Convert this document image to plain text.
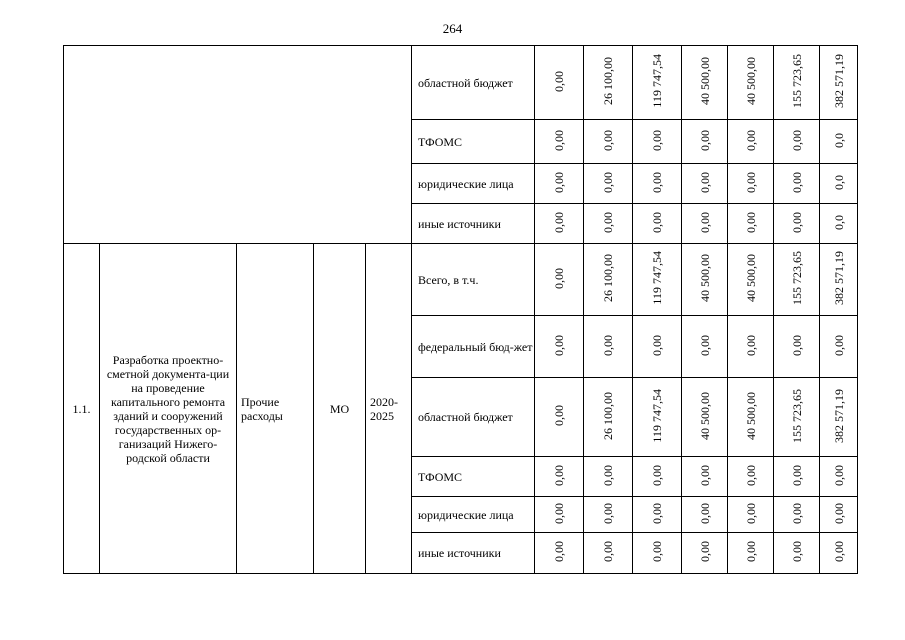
264
					областной бюджет	0,00	26 100,00	119 747,54	40 500,00	40 500,00	155 723,65	382 571,19
					ТФОМС	0,00	0,00	0,00	0,00	0,00	0,00	0,0
					юридические лица	0,00	0,00	0,00	0,00	0,00	0,00	0,0
					иные источники	0,00	0,00	0,00	0,00	0,00	0,00	0,0
1.1.	Разработка проектно-сметной документа-ции на проведение капитального ремонта зданий и сооружений государственных ор-ганизаций Нижего-родской области	Прочие расходы	МО	2020-2025	Всего, в т.ч.	0,00	26 100,00	119 747,54	40 500,00	40 500,00	155 723,65	382 571,19
					федеральный бюд-жет	0,00	0,00	0,00	0,00	0,00	0,00	0,00
					областной бюджет	0,00	26 100,00	119 747,54	40 500,00	40 500,00	155 723,65	382 571,19
					ТФОМС	0,00	0,00	0,00	0,00	0,00	0,00	0,00
					юридические лица	0,00	0,00	0,00	0,00	0,00	0,00	0,00
					иные источники	0,00	0,00	0,00	0,00	0,00	0,00	0,00
